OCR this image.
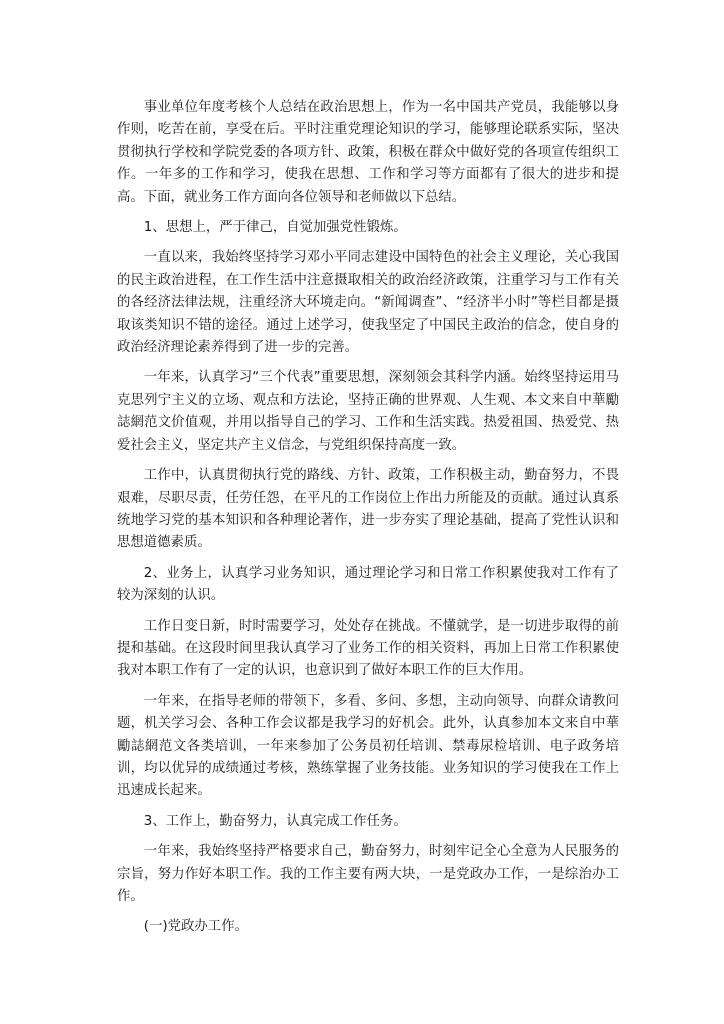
事业单位年度考核个人总结在政治思想上，作为一名中国共产党员，我能够以身作则，吃苦在前，享受在后。平时注重党理论知识的学习，能够理论联系实际，坚决贯彻执行学校和学院党委的各项方针、政策，积极在群众中做好党的各项宣传组织工作。一年多的工作和学习，使我在思想、工作和学习等方面都有了很大的进步和提高。下面，就业务工作方面向各位领导和老师做以下总结。

1、思想上，严于律己，自觉加强党性锻炼。

一直以来，我始终坚持学习邓小平同志建设中国特色的社会主义理论，关心我国的民主政治进程，在工作生活中注意摄取相关的政治经济政策，注重学习与工作有关的各经济法律法规，注重经济大环境走向。“新闻调查”、“经济半小时”等栏目都是摄取该类知识不错的途径。通过上述学习，使我坚定了中国民主政治的信念，使自身的政治经济理论素养得到了进一步的完善。

一年来，认真学习“三个代表”重要思想，深刻领会其科学内涵。始终坚持运用马克思列宁主义的立场、观点和方法论，坚持正确的世界观、人生观、本文来自中華勵誌網范文价值观，并用以指导自己的学习、工作和生活实践。热爱祖国、热爱党、热爱社会主义，坚定共产主义信念，与党组织保持高度一致。

工作中，认真贯彻执行党的路线、方针、政策，工作积极主动，勤奋努力，不畏艰难，尽职尽责，任劳任怨，在平凡的工作岗位上作出力所能及的贡献。通过认真系统地学习党的基本知识和各种理论著作，进一步夯实了理论基础，提高了党性认识和思想道德素质。

2、业务上，认真学习业务知识，通过理论学习和日常工作积累使我对工作有了较为深刻的认识。

工作日变日新，时时需要学习，处处存在挑战。不懂就学，是一切进步取得的前提和基础。在这段时间里我认真学习了业务工作的相关资料，再加上日常工作积累使我对本职工作有了一定的认识，也意识到了做好本职工作的巨大作用。

一年来，在指导老师的带领下，多看、多问、多想，主动向领导、向群众请教问题，机关学习会、各种工作会议都是我学习的好机会。此外，认真参加本文来自中華勵誌網范文各类培训，一年来参加了公务员初任培训、禁毒尿检培训、电子政务培训，均以优异的成绩通过考核，熟练掌握了业务技能。业务知识的学习使我在工作上迅速成长起来。

3、工作上，勤奋努力，认真完成工作任务。

一年来，我始终坚持严格要求自己，勤奋努力，时刻牢记全心全意为人民服务的宗旨，努力作好本职工作。我的工作主要有两大块，一是党政办工作，一是综治办工作。

(一)党政办工作。
